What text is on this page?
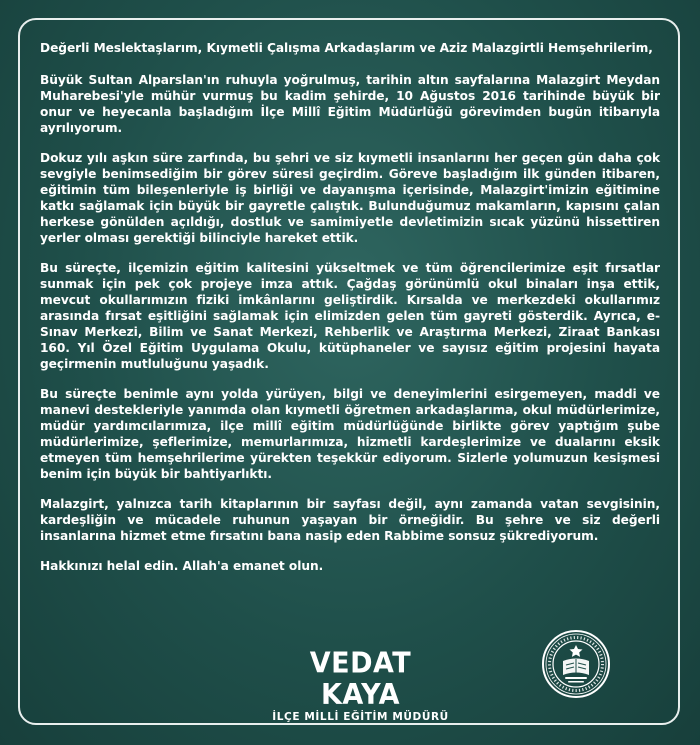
Değerli Meslektaşlarım, Kıymetli Çalışma Arkadaşlarım ve Aziz Malazgirtli Hemşehrilerim,

Büyük Sultan Alparslan'ın ruhuyla yoğrulmuş, tarihin altın sayfalarına Malazgirt Meydan Muharebesi'yle mühür vurmuş bu kadim şehirde, 10 Ağustos 2016 tarihinde büyük bir onur ve heyecanla başladığım İlçe Millî Eğitim Müdürlüğü görevimden bugün itibarıyla ayrılıyorum.

Dokuz yılı aşkın süre zarfında, bu şehri ve siz kıymetli insanlarını her geçen gün daha çok sevgiyle benimsediğim bir görev süresi geçirdim. Göreve başladığım ilk günden itibaren, eğitimin tüm bileşenleriyle iş birliği ve dayanışma içerisinde, Malazgirt'imizin eğitimine katkı sağlamak için büyük bir gayretle çalıştık. Bulunduğumuz makamların, kapısını çalan herkese gönülden açıldığı, dostluk ve samimiyetle devletimizin sıcak yüzünü hissettiren yerler olması gerektiği bilinciyle hareket ettik.

Bu süreçte, ilçemizin eğitim kalitesini yükseltmek ve tüm öğrencilerimize eşit fırsatlar sunmak için pek çok projeye imza attık. Çağdaş görünümlü okul binaları inşa ettik, mevcut okullarımızın fiziki imkânlarını geliştirdik. Kırsalda ve merkezdeki okullarımız arasında fırsat eşitliğini sağlamak için elimizden gelen tüm gayreti gösterdik. Ayrıca, e-Sınav Merkezi, Bilim ve Sanat Merkezi, Rehberlik ve Araştırma Merkezi, Ziraat Bankası 160. Yıl Özel Eğitim Uygulama Okulu, kütüphaneler ve sayısız eğitim projesini hayata geçirmenin mutluluğunu yaşadık.

Bu süreçte benimle aynı yolda yürüyen, bilgi ve deneyimlerini esirgemeyen, maddi ve manevi destekleriyle yanımda olan kıymetli öğretmen arkadaşlarıma, okul müdürlerimize, müdür yardımcılarımıza, ilçe millî eğitim müdürlüğünde birlikte görev yaptığım şube müdürlerimize, şeflerimize, memurlarımıza, hizmetli kardeşlerimize ve dualarını eksik etmeyen tüm hemşehrilerime yürekten teşekkür ediyorum. Sizlerle yolumuzun kesişmesi benim için büyük bir bahtiyarlıktı.

Malazgirt, yalnızca tarih kitaplarının bir sayfası değil, aynı zamanda vatan sevgisinin, kardeşliğin ve mücadele ruhunun yaşayan bir örneğidir. Bu şehre ve siz değerli insanlarına hizmet etme fırsatını bana nasip eden Rabbime sonsuz şükrediyorum.

Hakkınızı helal edin. Allah'a emanet olun.

VEDAT KAYA
İLÇE MİLLİ EĞİTİM MÜDÜRÜ
